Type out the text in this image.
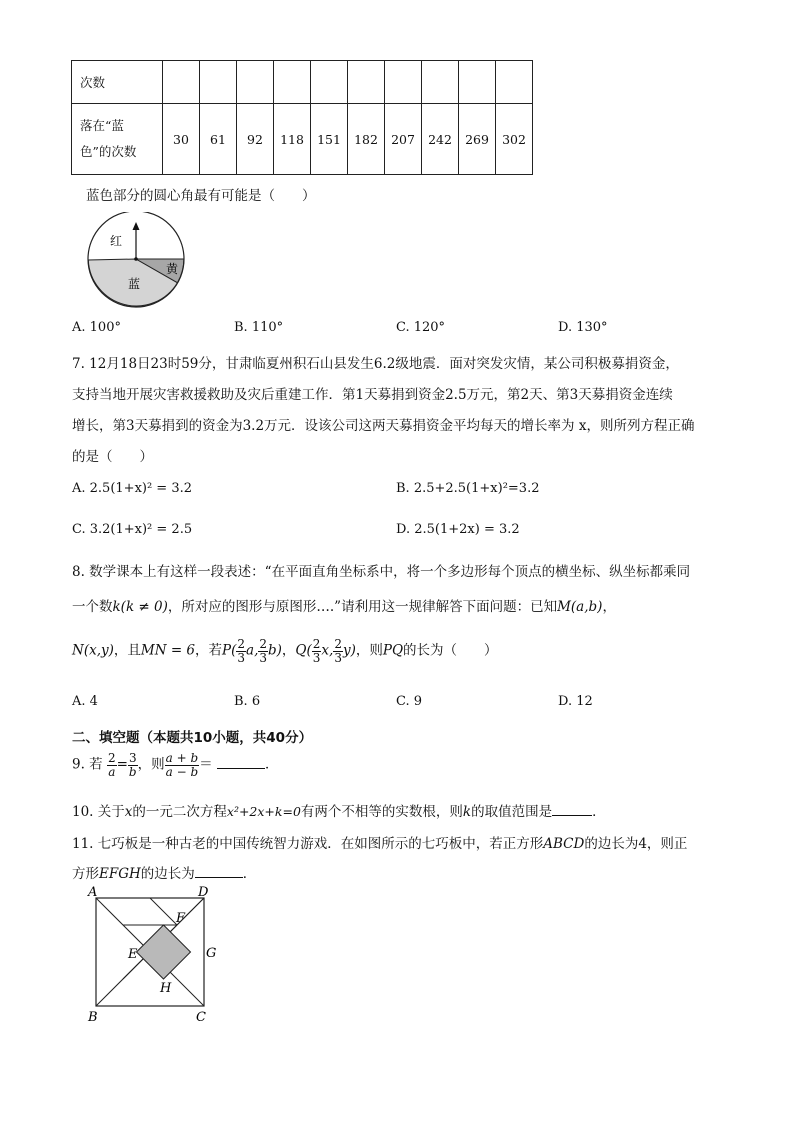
次数										
落在“蓝
色”的次数	30	61	92	118	151	182	207	242	269	302
蓝色部分的圆心角最有可能是（　　）
红
黄
蓝
A. 100°	B. 110°	C. 120°	D. 130°
7. 12月18日23时59分，甘肃临夏州积石山县发生6.2级地震．面对突发灾情，某公司积极募捐资金，
支持当地开展灾害救援救助及灾后重建工作．第1天募捐到资金2.5万元，第2天、第3天募捐资金连续
增长，第3天募捐到的资金为3.2万元．设该公司这两天募捐资金平均每天的增长率为 x，则所列方程正确
的是（　　）
A. 2.5(1+x)² = 3.2	B. 2.5+2.5(1+x)²=3.2
C. 3.2(1+x)² = 2.5	D. 2.5(1+2x) = 3.2
8. 数学课本上有这样一段表述：“在平面直角坐标系中，将一个多边形每个顶点的横坐标、纵坐标都乘同
一个数k(k ≠ 0)，所对应的图形与原图形….”请利用这一规律解答下面问题：已知M(a,b)，
N(x,y)，且MN = 6，若$P( \frac{2}{3} a$, $\frac{2}{3} b$)，$Q( \frac{2}{3} x$, $\frac{2}{3} y$)，则PQ的长为（　　）
A. 4	B. 6	C. 9	D. 12
二、填空题（本题共10小题，共40分）
9. 若 $\frac{2}{a} = \frac{3}{b}$ ，则 $\frac{a + b}{a - b}$ ＝	．
10. 关于x的一元二次方程x²+2x+k=0有两个不相等的实数根，则k的取值范围是	．
11. 七巧板是一种古老的中国传统智力游戏．在如图所示的七巧板中，若正方形ABCD的边长为4，则正
方形EFGH的边长为	．
A	D
F
E	G
H
B	C
